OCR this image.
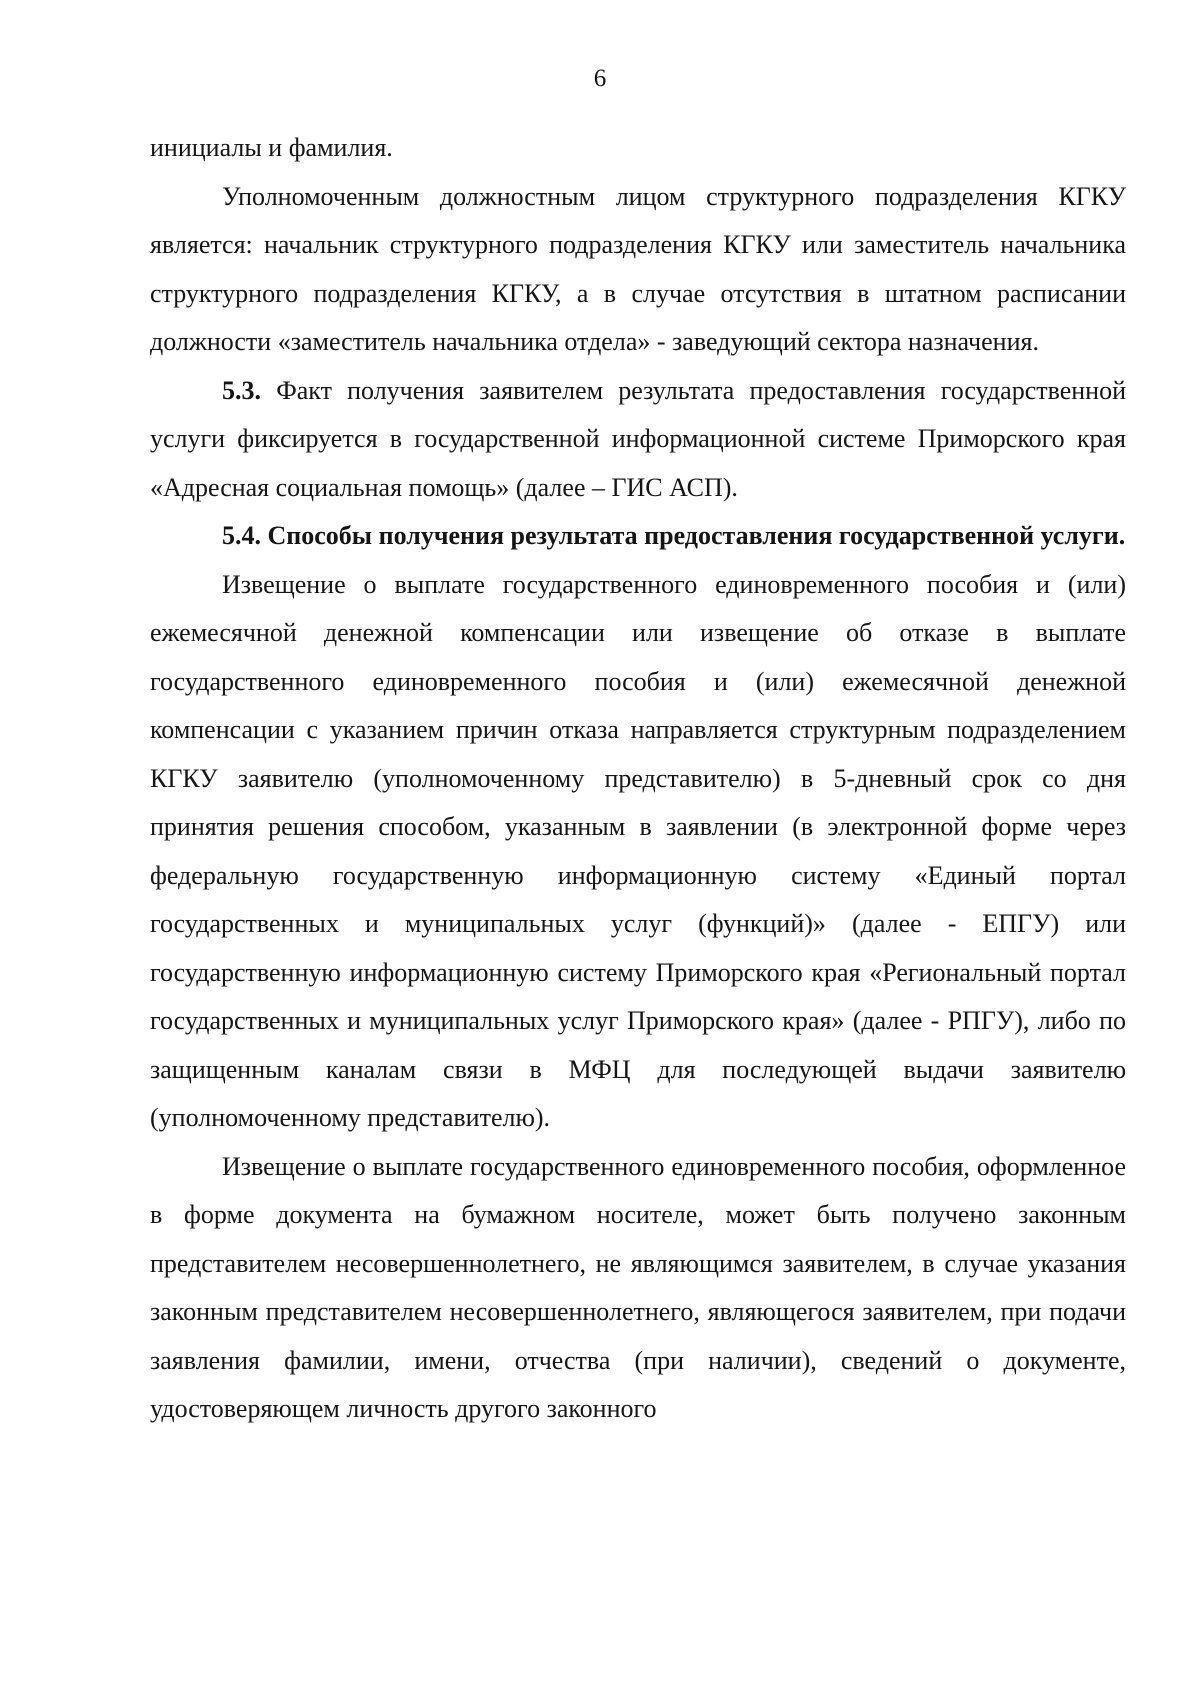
6

инициалы и фамилия.

Уполномоченным должностным лицом структурного подразделения КГКУ является: начальник структурного подразделения КГКУ или заместитель начальника структурного подразделения КГКУ, а в случае отсутствия в штатном расписании должности «заместитель начальника отдела» - заведующий сектора назначения.

5.3. Факт получения заявителем результата предоставления государственной услуги фиксируется в государственной информационной системе Приморского края «Адресная социальная помощь» (далее – ГИС АСП).

5.4. Способы получения результата предоставления государственной услуги.

Извещение о выплате государственного единовременного пособия и (или) ежемесячной денежной компенсации или извещение об отказе в выплате государственного единовременного пособия и (или) ежемесячной денежной компенсации с указанием причин отказа направляется структурным подразделением КГКУ заявителю (уполномоченному представителю) в 5-дневный срок со дня принятия решения способом, указанным в заявлении (в электронной форме через федеральную государственную информационную систему «Единый портал государственных и муниципальных услуг (функций)» (далее - ЕПГУ) или государственную информационную систему Приморского края «Региональный портал государственных и муниципальных услуг Приморского края» (далее - РПГУ), либо по защищенным каналам связи в МФЦ для последующей выдачи заявителю (уполномоченному представителю).

Извещение о выплате государственного единовременного пособия, оформленное в форме документа на бумажном носителе, может быть получено законным представителем несовершеннолетнего, не являющимся заявителем, в случае указания законным представителем несовершеннолетнего, являющегося заявителем, при подачи заявления фамилии, имени, отчества (при наличии), сведений о документе, удостоверяющем личность другого законного
